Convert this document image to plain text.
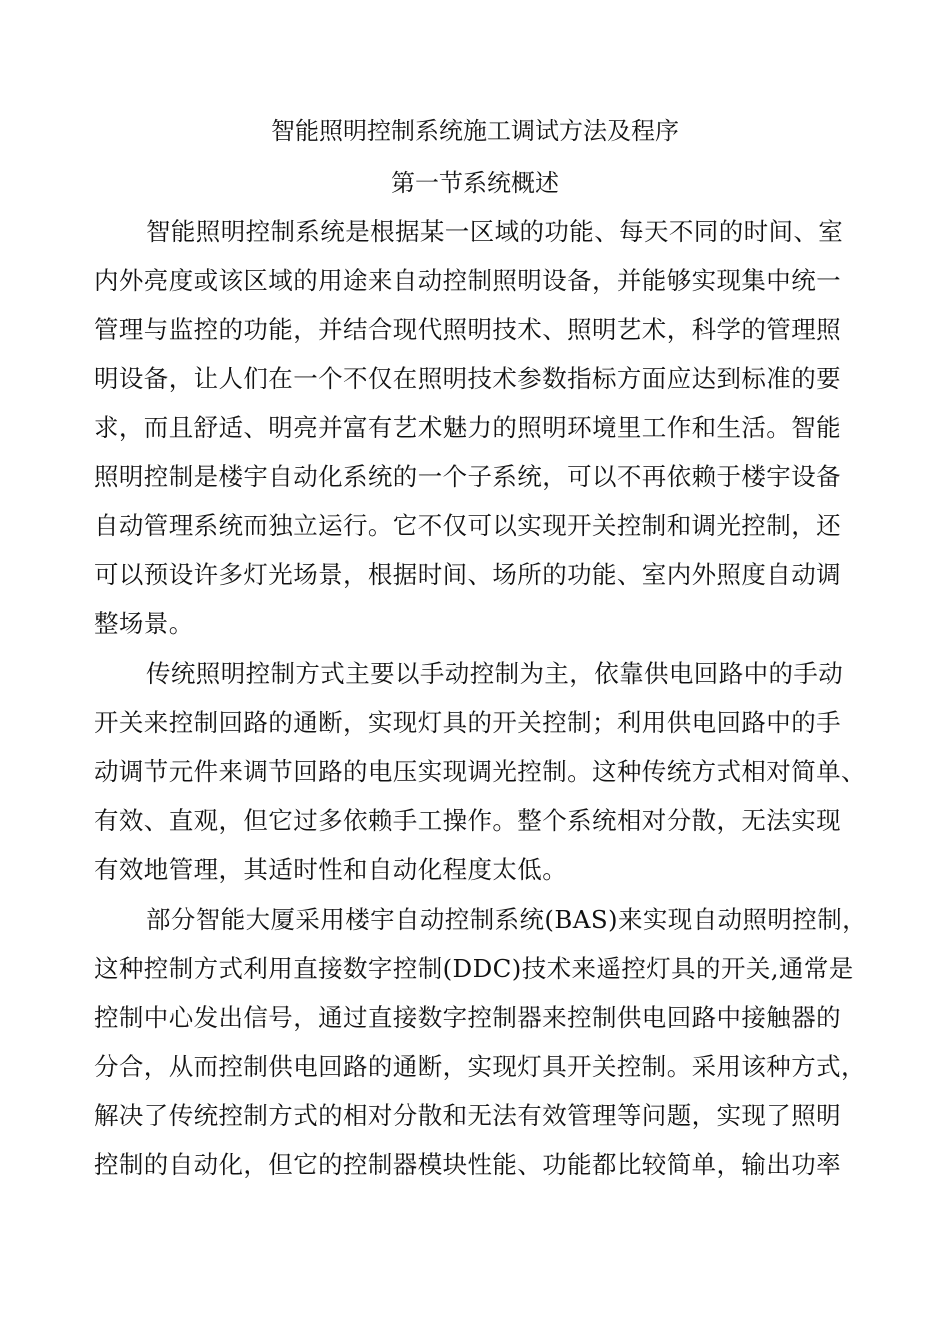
智能照明控制系统施工调试方法及程序
第一节系统概述
智能照明控制系统是根据某一区域的功能、每天不同的时间、室
内外亮度或该区域的用途来自动控制照明设备，并能够实现集中统一
管理与监控的功能，并结合现代照明技术、照明艺术，科学的管理照
明设备，让人们在一个不仅在照明技术参数指标方面应达到标准的要
求，而且舒适、明亮并富有艺术魅力的照明环境里工作和生活。智能
照明控制是楼宇自动化系统的一个子系统，可以不再依赖于楼宇设备
自动管理系统而独立运行。它不仅可以实现开关控制和调光控制，还
可以预设许多灯光场景，根据时间、场所的功能、室内外照度自动调
整场景。
传统照明控制方式主要以手动控制为主，依靠供电回路中的手动
开关来控制回路的通断，实现灯具的开关控制；利用供电回路中的手
动调节元件来调节回路的电压实现调光控制。这种传统方式相对简单、
有效、直观，但它过多依赖手工操作。整个系统相对分散，无法实现
有效地管理，其适时性和自动化程度太低。
部分智能大厦采用楼宇自动控制系统(BAS)来实现自动照明控制，
这种控制方式利用直接数字控制(DDC)技术来遥控灯具的开关,通常是
控制中心发出信号，通过直接数字控制器来控制供电回路中接触器的
分合，从而控制供电回路的通断，实现灯具开关控制。采用该种方式，
解决了传统控制方式的相对分散和无法有效管理等问题，实现了照明
控制的自动化，但它的控制器模块性能、功能都比较简单，输出功率
